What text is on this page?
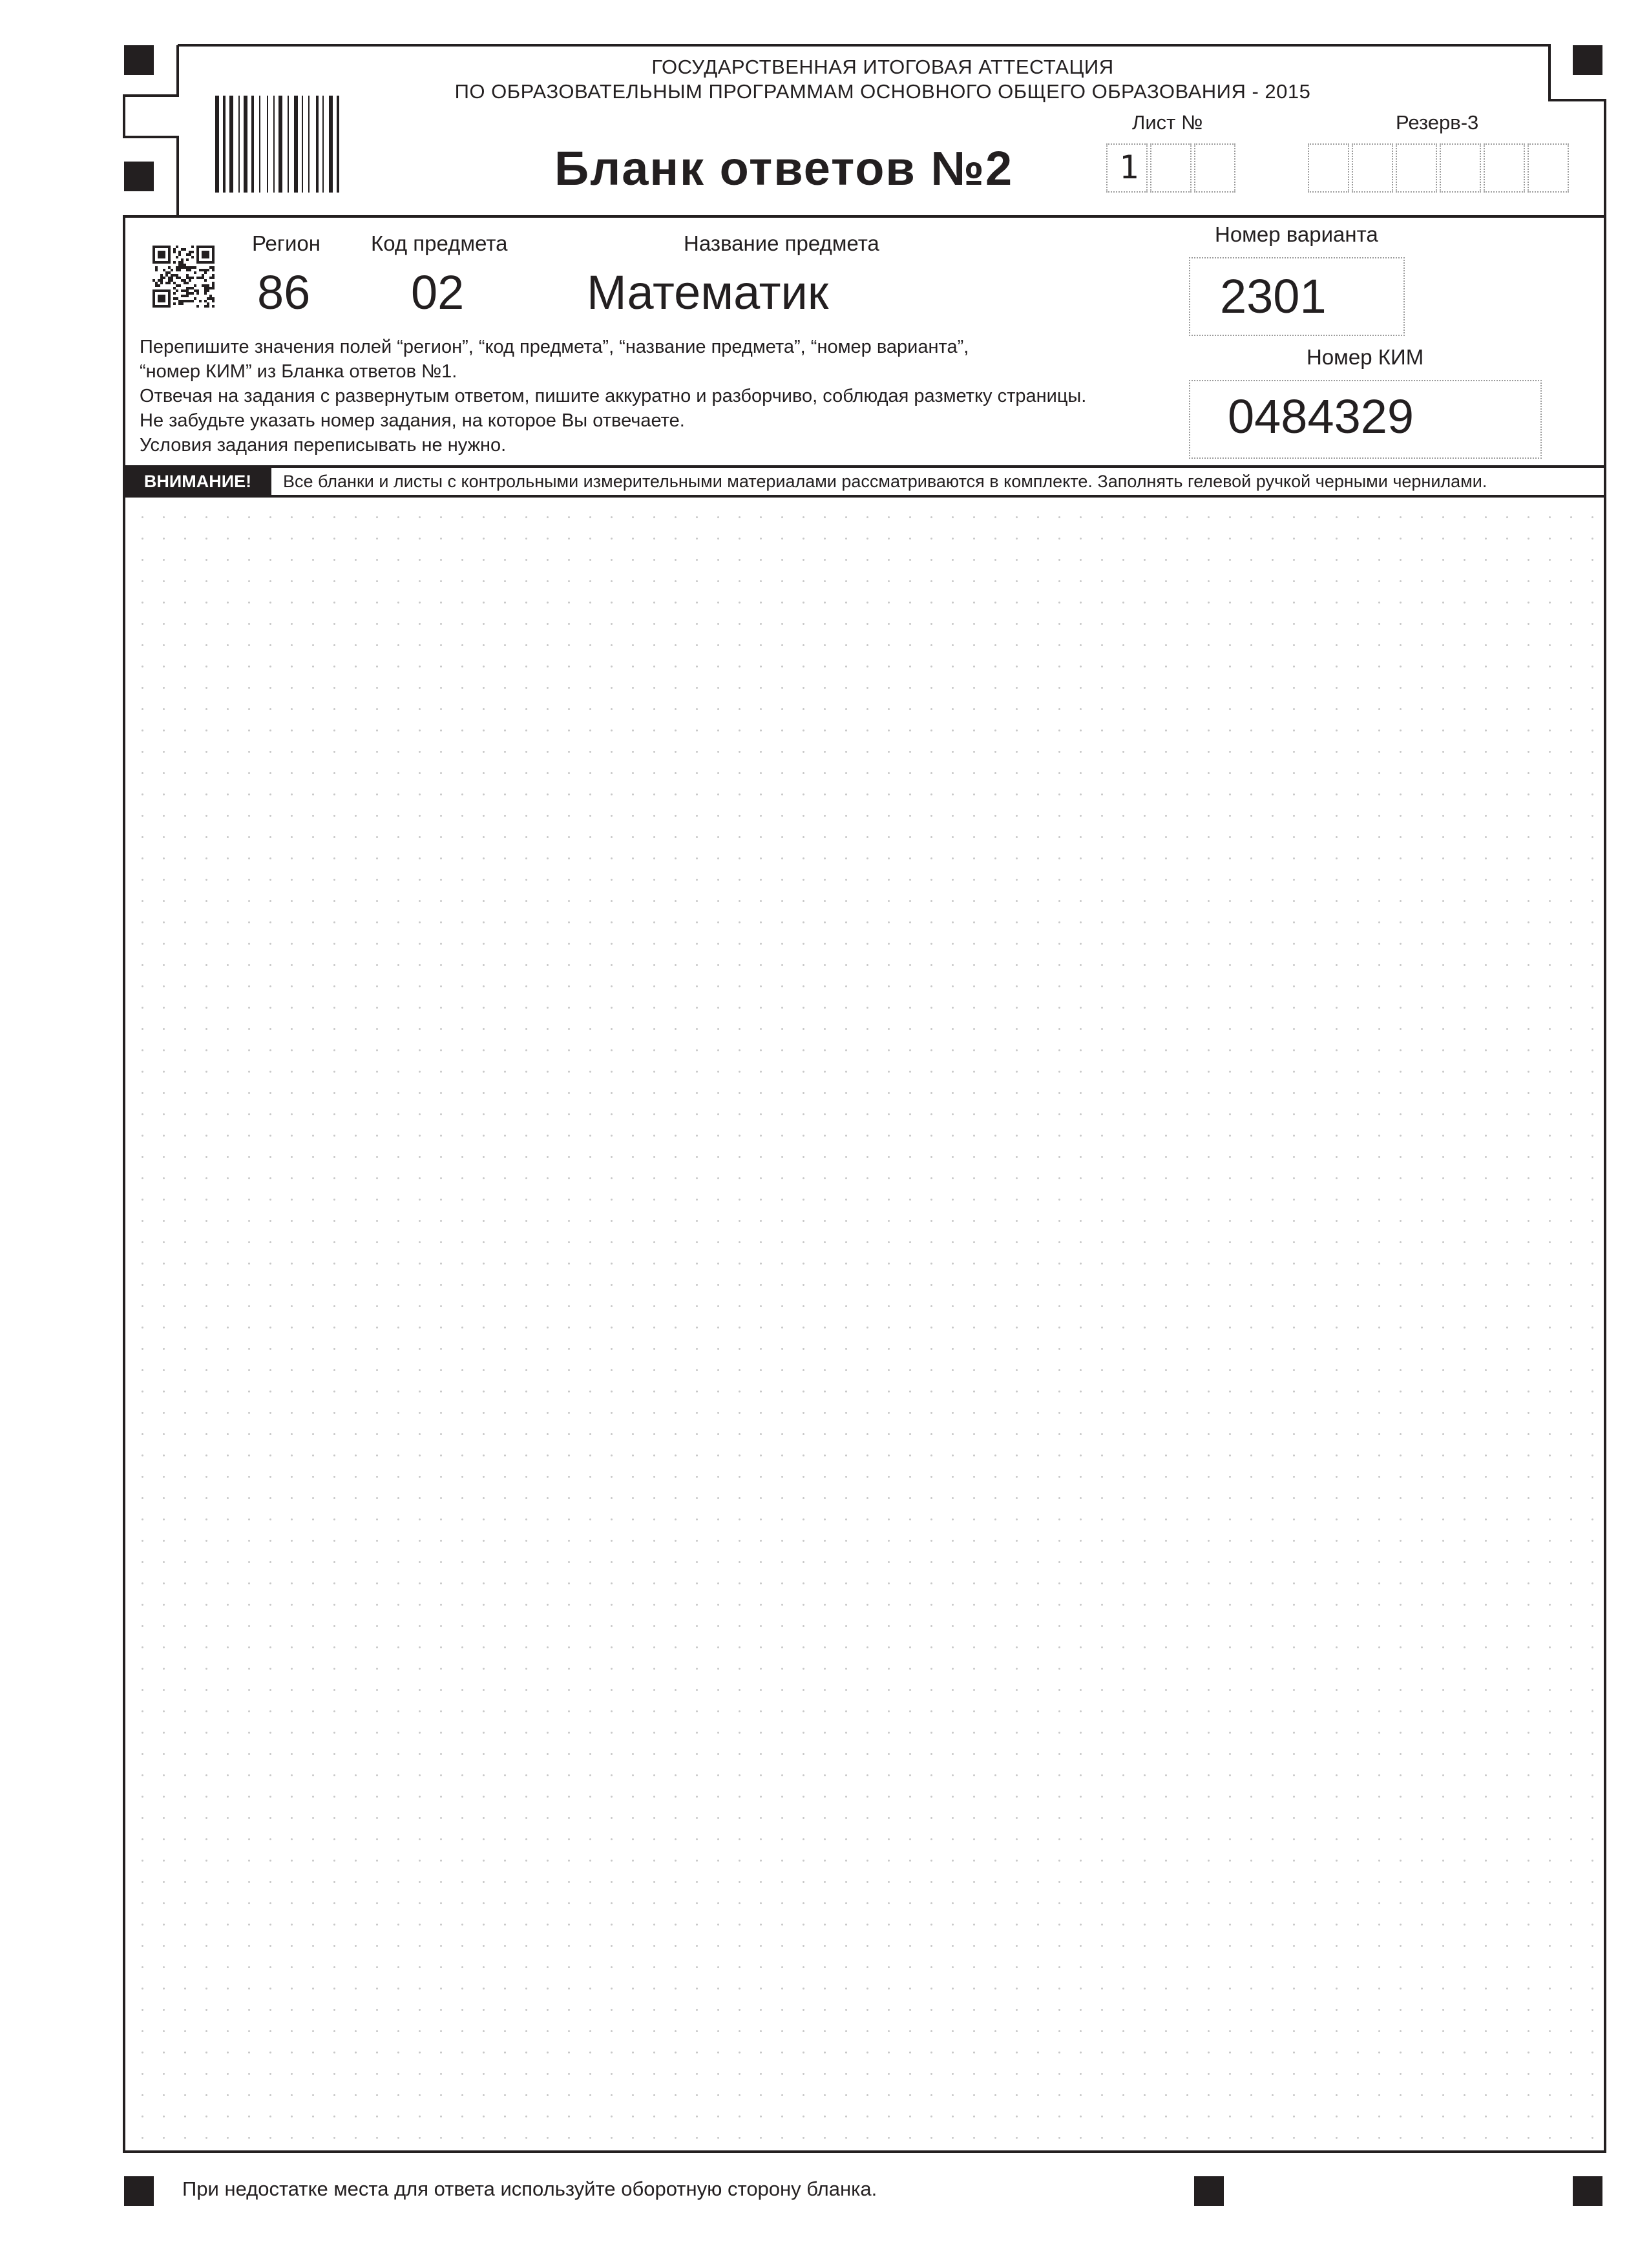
ГОСУДАРСТВЕННАЯ ИТОГОВАЯ АТТЕСТАЦИЯ
ПО ОБРАЗОВАТЕЛЬНЫМ ПРОГРАММАМ ОСНОВНОГО ОБЩЕГО ОБРАЗОВАНИЯ - 2015
Бланк ответов №2
Лист №
1
Резерв-3
Регион
86
Код предмета
02
Название предмета
Математик
Номер варианта
2301
Номер КИМ
0484329
Перепишите значения полей “регион”, “код предмета”, “название предмета”, “номер варианта”,
“номер КИМ” из Бланка ответов №1.
Отвечая на задания с развернутым ответом, пишите аккуратно и разборчиво, соблюдая разметку страницы.
Не забудьте указать номер задания, на которое Вы отвечаете.
Условия задания переписывать не нужно.
ВНИМАНИЕ!	Все бланки и листы с контрольными измерительными материалами рассматриваются в комплекте. Заполнять гелевой ручкой черными чернилами.
При недостатке места для ответа используйте оборотную сторону бланка.
